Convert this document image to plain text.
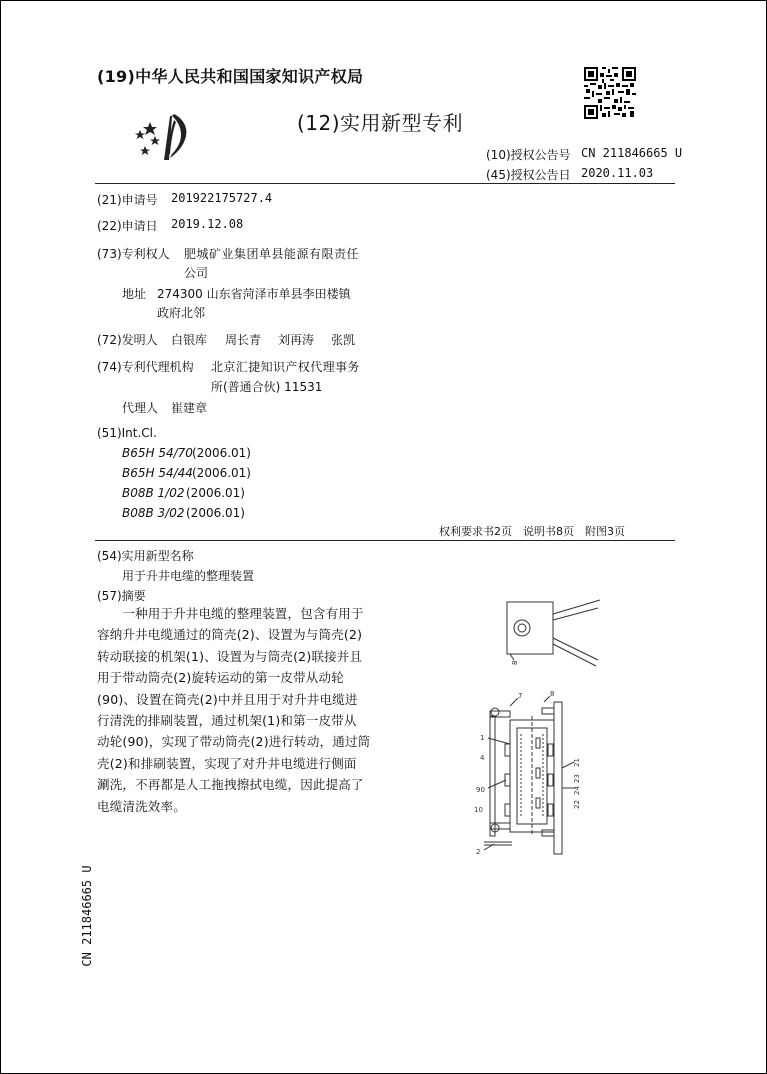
(19)中华人民共和国国家知识产权局
(12)实用新型专利
(10)授权公告号 CN 211846665 U
(45)授权公告日 2020.11.03
(21)申请号 201922175727.4
(22)申请日 2019.12.08
(73)专利权人 肥城矿业集团单县能源有限责任
公司
地址 274300 山东省菏泽市单县李田楼镇
政府北邻
(72)发明人 白银库 周长青 刘再涛 张凯
(74)专利代理机构 北京汇捷知识产权代理事务
所(普通合伙) 11531
代理人 崔建章
(51)Int.Cl.
B65H 54/70 (2006.01)
B65H 54/44 (2006.01)
B08B 1/02 (2006.01)
B08B 3/02 (2006.01)
权利要求书2页　说明书8页　附图3页
(54)实用新型名称
用于升井电缆的整理装置
(57)摘要

　　一种用于升井电缆的整理装置，包含有用于

容纳升井电缆通过的筒壳(2)、设置为与筒壳(2)

转动联接的机架(1)、设置为与筒壳(2)联接并且

用于带动筒壳(2)旋转运动的第一皮带从动轮

(90)、设置在筒壳(2)中并且用于对升井电缆进

行清洗的排刷装置，通过机架(1)和第一皮带从

动轮(90)，实现了带动筒壳(2)进行转动，通过筒

壳(2)和排刷装置，实现了对升井电缆进行侧面

涮洗，不再都是人工拖拽擦拭电缆，因此提高了

电缆清洗效率。

8
7	8
1
4
90
10
2
21
23
24
22
CN 211846665 U
